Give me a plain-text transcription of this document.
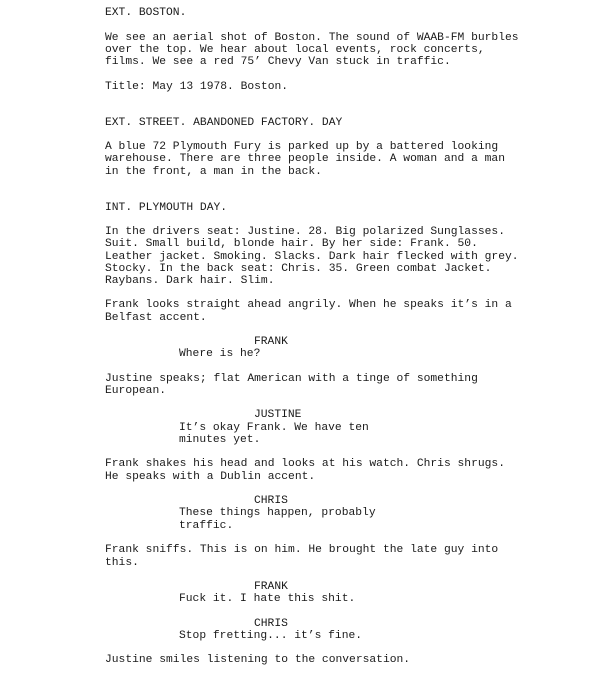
EXT. BOSTON.

We see an aerial shot of Boston. The sound of WAAB-FM burbles

over the top. We hear about local events, rock concerts,

films. We see a red 75’ Chevy Van stuck in traffic.

Title: May 13 1978. Boston.

EXT. STREET. ABANDONED FACTORY. DAY

A blue 72 Plymouth Fury is parked up by a battered looking

warehouse. There are three people inside. A woman and a man

in the front, a man in the back.

INT. PLYMOUTH DAY.

In the drivers seat: Justine. 28. Big polarized Sunglasses.

Suit. Small build, blonde hair. By her side: Frank. 50.

Leather jacket. Smoking. Slacks. Dark hair flecked with grey.

Stocky. In the back seat: Chris. 35. Green combat Jacket.

Raybans. Dark hair. Slim.

Frank looks straight ahead angrily. When he speaks it’s in a

Belfast accent.

FRANK

Where is he?

Justine speaks; flat American with a tinge of something

European.

JUSTINE

It’s okay Frank. We have ten

minutes yet.

Frank shakes his head and looks at his watch. Chris shrugs.

He speaks with a Dublin accent.

CHRIS

These things happen, probably

traffic.

Frank sniffs. This is on him. He brought the late guy into

this.

FRANK

Fuck it. I hate this shit.

CHRIS

Stop fretting... it’s fine.

Justine smiles listening to the conversation.
